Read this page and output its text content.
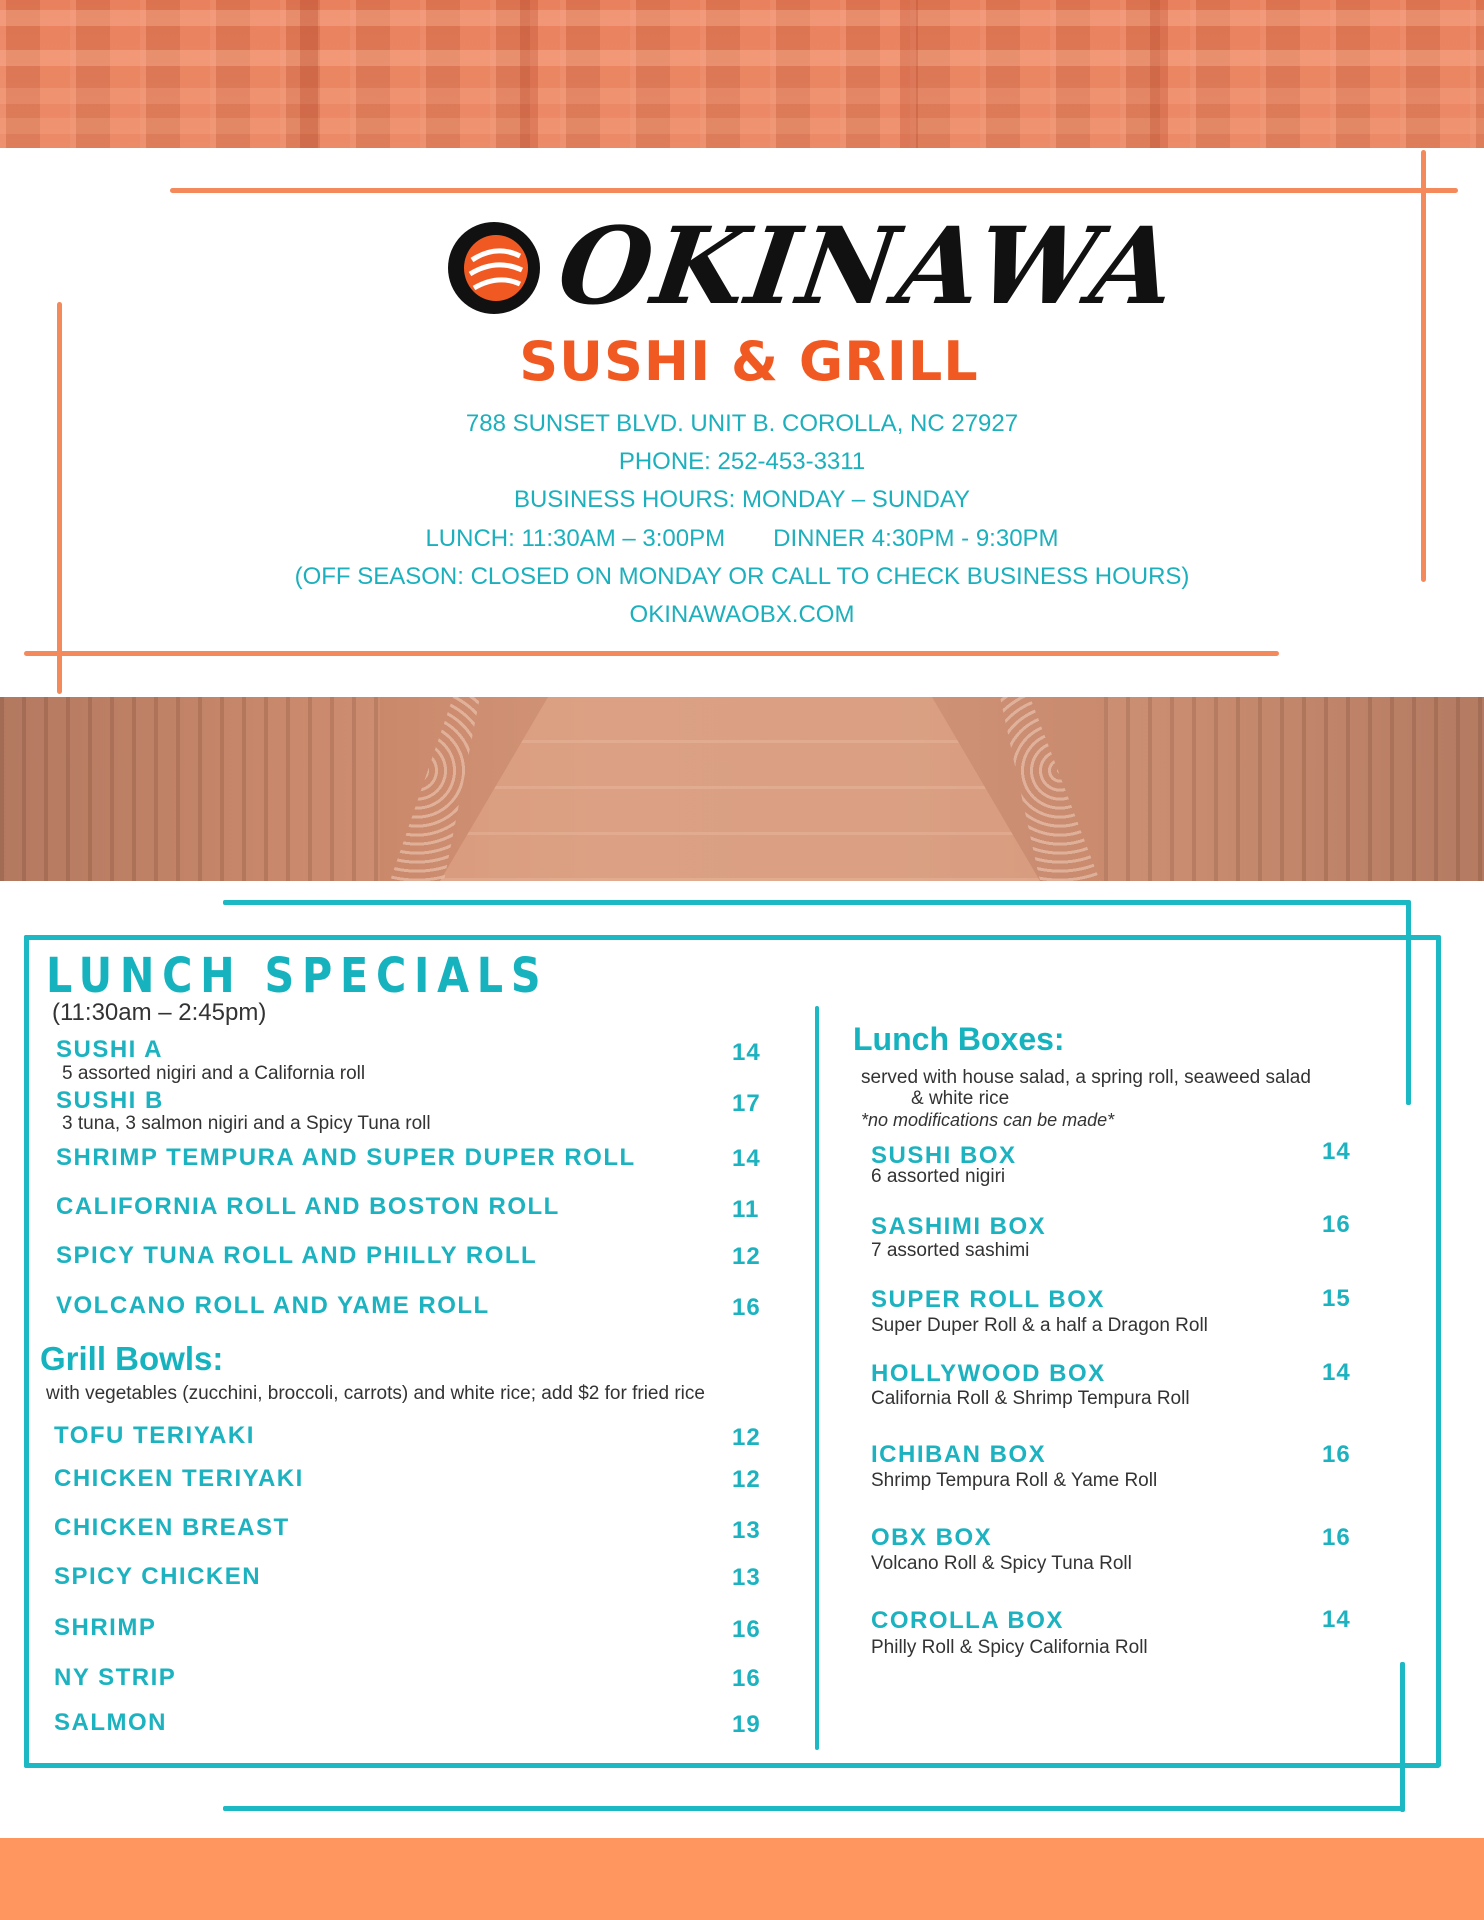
OKINAWA
SUSHI & GRILL
788 SUNSET BLVD. UNIT B. COROLLA, NC 27927
PHONE: 252-453-3311
BUSINESS HOURS: MONDAY – SUNDAY
LUNCH: 11:30AM – 3:00PM DINNER 4:30PM - 9:30PM
(OFF SEASON: CLOSED ON MONDAY OR CALL TO CHECK BUSINESS HOURS)
OKINAWAOBX.COM
LUNCH SPECIALS
(11:30am – 2:45pm)
SUSHI A	14
5 assorted nigiri and a California roll
SUSHI B	17
3 tuna, 3 salmon nigiri and a Spicy Tuna roll
SHRIMP TEMPURA AND SUPER DUPER ROLL	14
CALIFORNIA ROLL AND BOSTON ROLL	11
SPICY TUNA ROLL AND PHILLY ROLL	12
VOLCANO ROLL AND YAME ROLL	16
Grill Bowls:
with vegetables (zucchini, broccoli, carrots) and white rice; add $2 for fried rice
TOFU TERIYAKI	12
CHICKEN TERIYAKI	12
CHICKEN BREAST	13
SPICY CHICKEN	13
SHRIMP	16
NY STRIP	16
SALMON	19
Lunch Boxes:
served with house salad, a spring roll, seaweed salad
& white rice
*no modifications can be made*
SUSHI BOX	14
6 assorted nigiri
SASHIMI BOX	16
7 assorted sashimi
SUPER ROLL BOX	15
Super Duper Roll & a half a Dragon Roll
HOLLYWOOD BOX	14
California Roll & Shrimp Tempura Roll
ICHIBAN BOX	16
Shrimp Tempura Roll & Yame Roll
OBX BOX	16
Volcano Roll & Spicy Tuna Roll
COROLLA BOX	14
Philly Roll & Spicy California Roll
